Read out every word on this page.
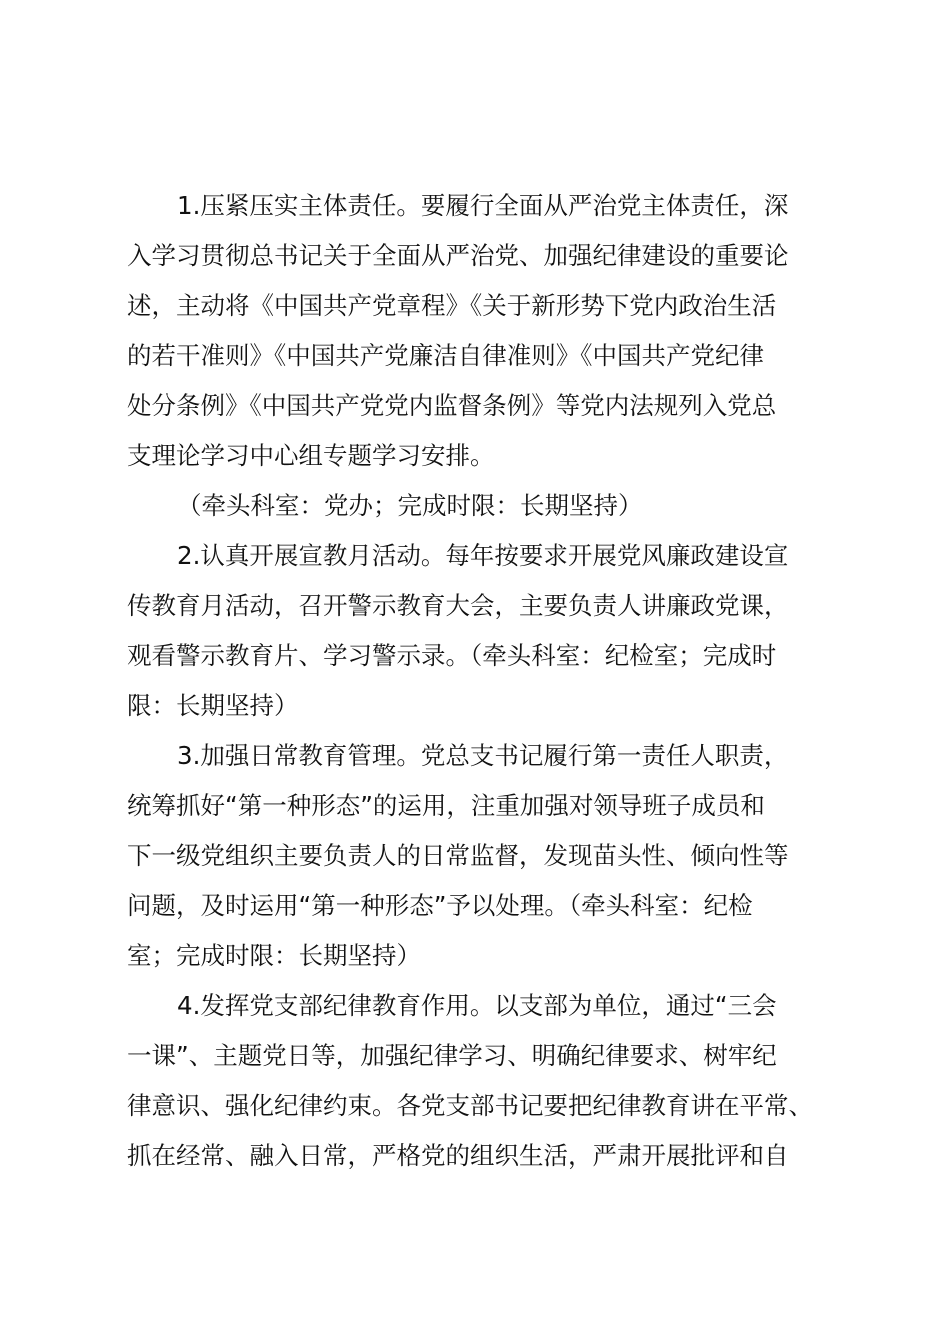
1.压紧压实主体责任。要履行全面从严治党主体责任，深
入学习贯彻总书记关于全面从严治党、加强纪律建设的重要论
述，主动将《中国共产党章程》《关于新形势下党内政治生活
的若干准则》《中国共产党廉洁自律准则》《中国共产党纪律
处分条例》《中国共产党党内监督条例》等党内法规列入党总
支理论学习中心组专题学习安排。

（牵头科室：党办；完成时限：长期坚持）

2.认真开展宣教月活动。每年按要求开展党风廉政建设宣
传教育月活动，召开警示教育大会，主要负责人讲廉政党课，
观看警示教育片、学习警示录。（牵头科室：纪检室；完成时
限：长期坚持）

3.加强日常教育管理。党总支书记履行第一责任人职责，
统筹抓好“第一种形态”的运用，注重加强对领导班子成员和
下一级党组织主要负责人的日常监督，发现苗头性、倾向性等
问题，及时运用“第一种形态”予以处理。（牵头科室：纪检
室；完成时限：长期坚持）

4.发挥党支部纪律教育作用。以支部为单位，通过“三会
一课”、主题党日等，加强纪律学习、明确纪律要求、树牢纪
律意识、强化纪律约束。各党支部书记要把纪律教育讲在平常、
抓在经常、融入日常，严格党的组织生活，严肃开展批评和自
